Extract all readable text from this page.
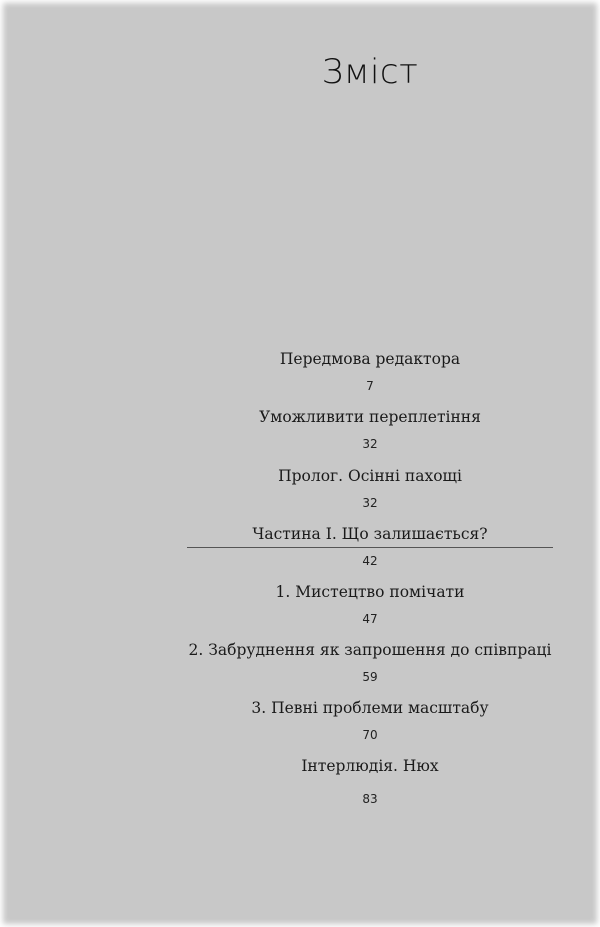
Зміст
Передмова редактора
7
Уможливити переплетіння
32
Пролог. Осінні пахощі
32
Частина І. Що залишається?
42
1. Мистецтво помічати
47
2. Забруднення як запрошення до співпраці
59
3. Певні проблеми масштабу
70
Інтерлюдія. Нюх
83
